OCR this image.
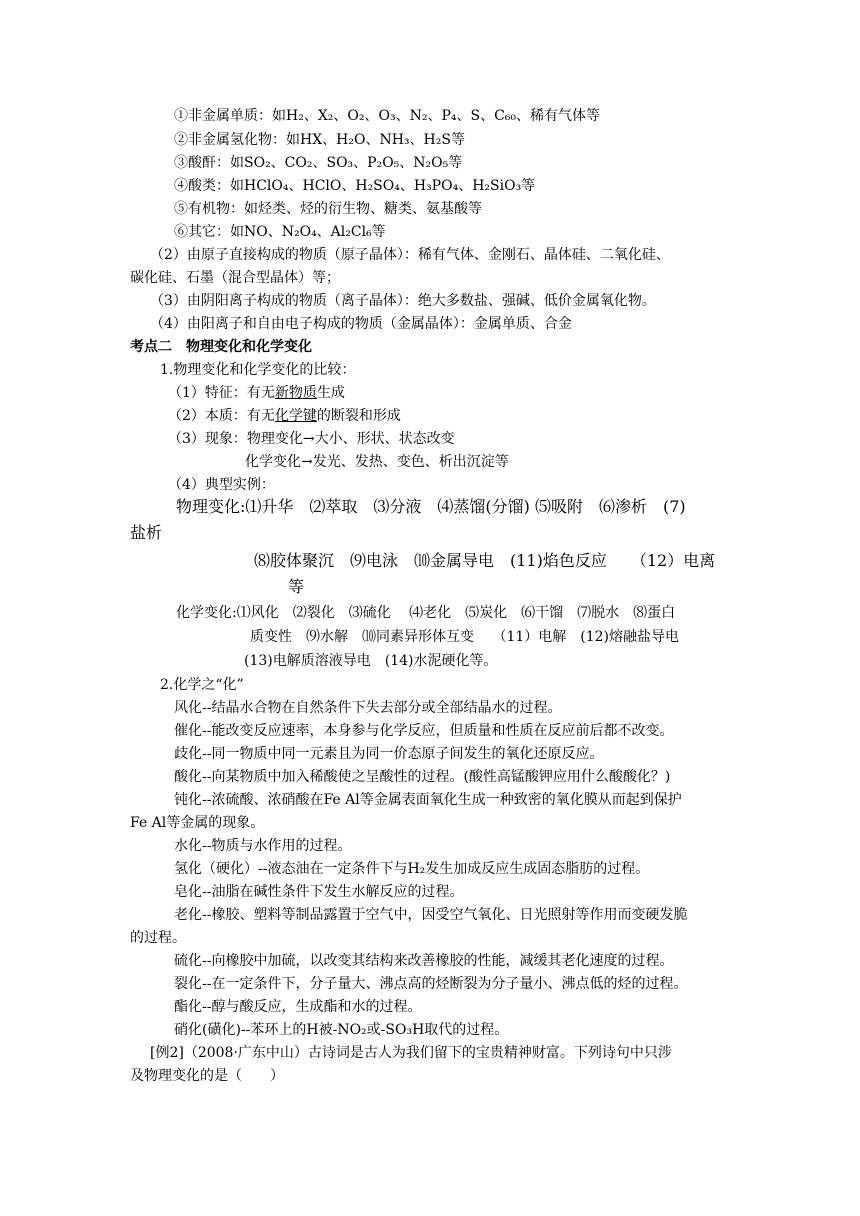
①非金属单质：如H₂、X₂、O₂、O₃、N₂、P₄、S、C₆₀、稀有气体等
②非金属氢化物：如HX、H₂O、NH₃、H₂S等
③酸酐：如SO₂、CO₂、SO₃、P₂O₅、N₂O₅等
④酸类：如HClO₄、HClO、H₂SO₄、H₃PO₄、H₂SiO₃等
⑤有机物：如烃类、烃的衍生物、糖类、氨基酸等
⑥其它：如NO、N₂O₄、Al₂Cl₆等
（2）由原子直接构成的物质（原子晶体）：稀有气体、金刚石、晶体硅、二氧化硅、
碳化硅、石墨（混合型晶体）等；
（3）由阴阳离子构成的物质（离子晶体）：绝大多数盐、强碱、低价金属氧化物。
（4）由阳离子和自由电子构成的物质（金属晶体）：金属单质、合金
考点二　物理变化和化学变化
1.物理变化和化学变化的比较：
（1）特征：有无新物质生成
（2）本质：有无化学键的断裂和形成
（3）现象：物理变化→大小、形状、状态改变
化学变化→发光、发热、变色、析出沉淀等
（4）典型实例：
物理变化:⑴升华　⑵萃取　⑶分液　⑷蒸馏(分馏) ⑸吸附　⑹渗析　(7)
盐析
⑻胶体聚沉　⑼电泳　⑽金属导电　(11)焰色反应　　（12）电离
等
化学变化:⑴风化　⑵裂化　⑶硫化　 ⑷老化　⑸炭化　⑹干馏　⑺脱水　⑻蛋白
质变性　⑼水解　⑽同素异形体互变　 （11）电解　(12)熔融盐导电
(13)电解质溶液导电　(14)水泥硬化等。
2.化学之“化”
风化--结晶水合物在自然条件下失去部分或全部结晶水的过程。
催化--能改变反应速率，本身参与化学反应，但质量和性质在反应前后都不改变。
歧化--同一物质中同一元素且为同一价态原子间发生的氧化还原反应。
酸化--向某物质中加入稀酸使之呈酸性的过程。(酸性高锰酸钾应用什么酸酸化？)
钝化--浓硫酸、浓硝酸在Fe Al等金属表面氧化生成一种致密的氧化膜从而起到保护
Fe Al等金属的现象。
水化--物质与水作用的过程。
氢化（硬化）--液态油在一定条件下与H₂发生加成反应生成固态脂肪的过程。
皂化--油脂在碱性条件下发生水解反应的过程。
老化--橡胶、塑料等制品露置于空气中，因受空气氧化、日光照射等作用而变硬发脆
的过程。
硫化--向橡胶中加硫，以改变其结构来改善橡胶的性能，减缓其老化速度的过程。
裂化--在一定条件下，分子量大、沸点高的烃断裂为分子量小、沸点低的烃的过程。
酯化--醇与酸反应，生成酯和水的过程。
硝化(磺化)--苯环上的H被-NO₂或-SO₃H取代的过程。
[例2]（2008·广东中山）古诗词是古人为我们留下的宝贵精神财富。下列诗句中只涉
及物理变化的是（　　）
